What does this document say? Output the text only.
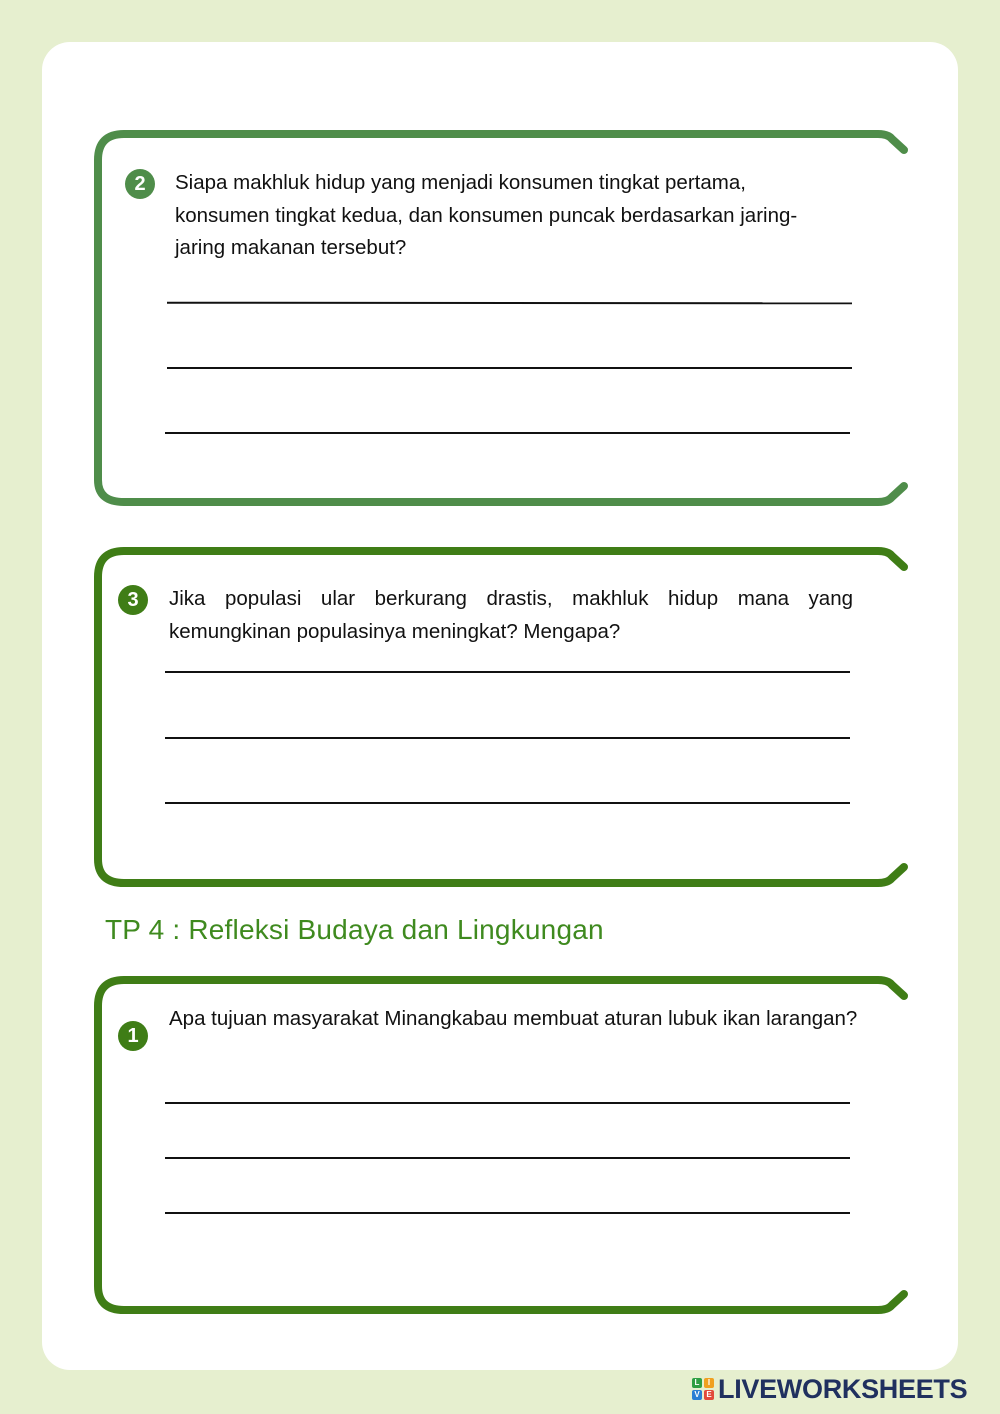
2	Siapa makhluk hidup yang menjadi konsumen tingkat pertama, konsumen tingkat kedua, dan konsumen puncak berdasarkan jaring-jaring makanan tersebut?
3	Jika populasi ular berkurang drastis, makhluk hidup mana yang kemungkinan populasinya meningkat? Mengapa?
TP 4 : Refleksi Budaya dan Lingkungan
1
Apa tujuan masyarakat Minangkabau membuat aturan lubuk ikan larangan?
L	I
V E LIVEWORKSHEETS
